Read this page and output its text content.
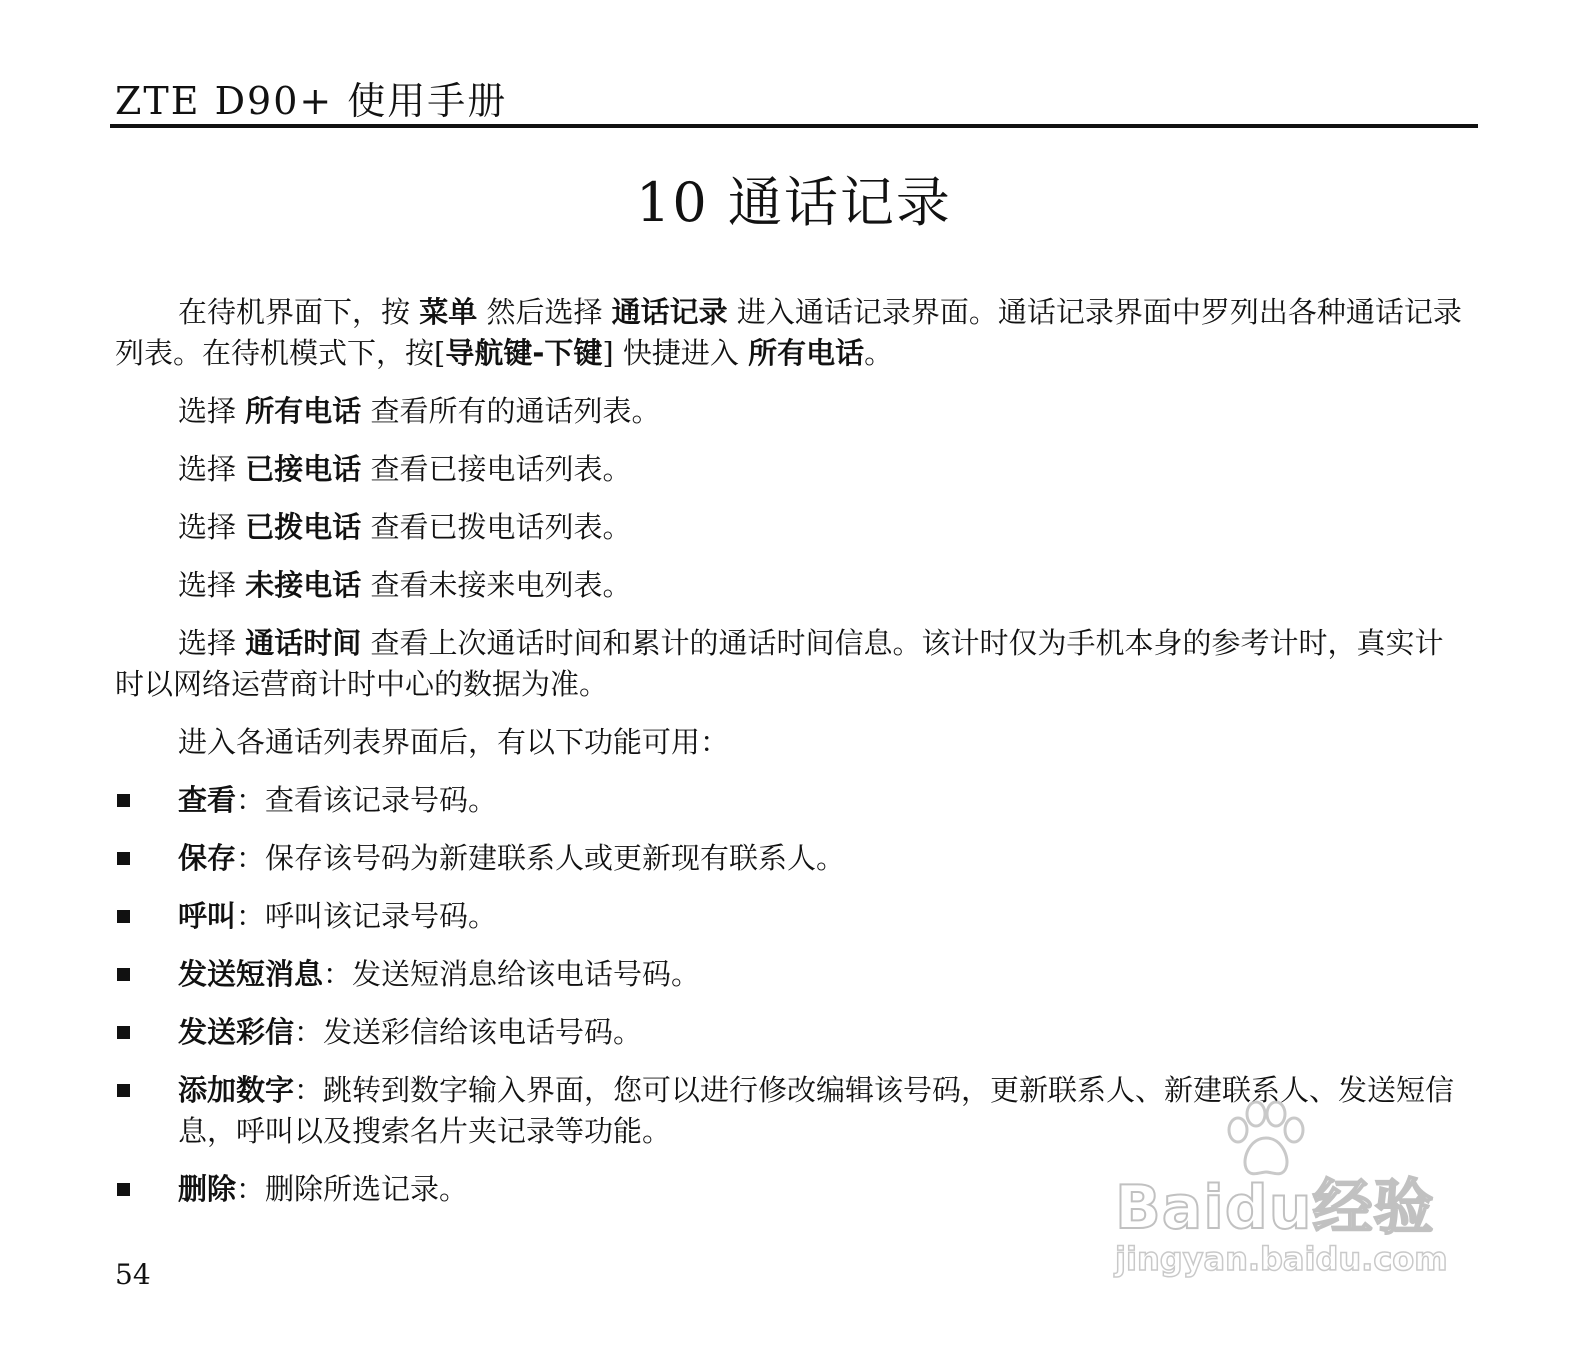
ZTE D90+ 使用手册
10 通话记录

在待机界面下，按 菜单 然后选择 通话记录 进入通话记录界面。通话记录界面中罗列出各种通话记录列表。在待机模式下，按[导航键-下键] 快捷进入 所有电话。

选择 所有电话 查看所有的通话列表。

选择 已接电话 查看已接电话列表。

选择 已拨电话 查看已拨电话列表。

选择 未接电话 查看未接来电列表。

选择 通话时间 查看上次通话时间和累计的通话时间信息。该计时仅为手机本身的参考计时，真实计时以网络运营商计时中心的数据为准。

进入各通话列表界面后，有以下功能可用：

查看：查看该记录号码。
保存：保存该号码为新建联系人或更新现有联系人。
呼叫：呼叫该记录号码。
发送短消息：发送短消息给该电话号码。
发送彩信：发送彩信给该电话号码。
添加数字：跳转到数字输入界面，您可以进行修改编辑该号码，更新联系人、新建联系人、发送短信息，呼叫以及搜索名片夹记录等功能。
删除：删除所选记录。
54
Baidu经验
jingyan.baidu.com
